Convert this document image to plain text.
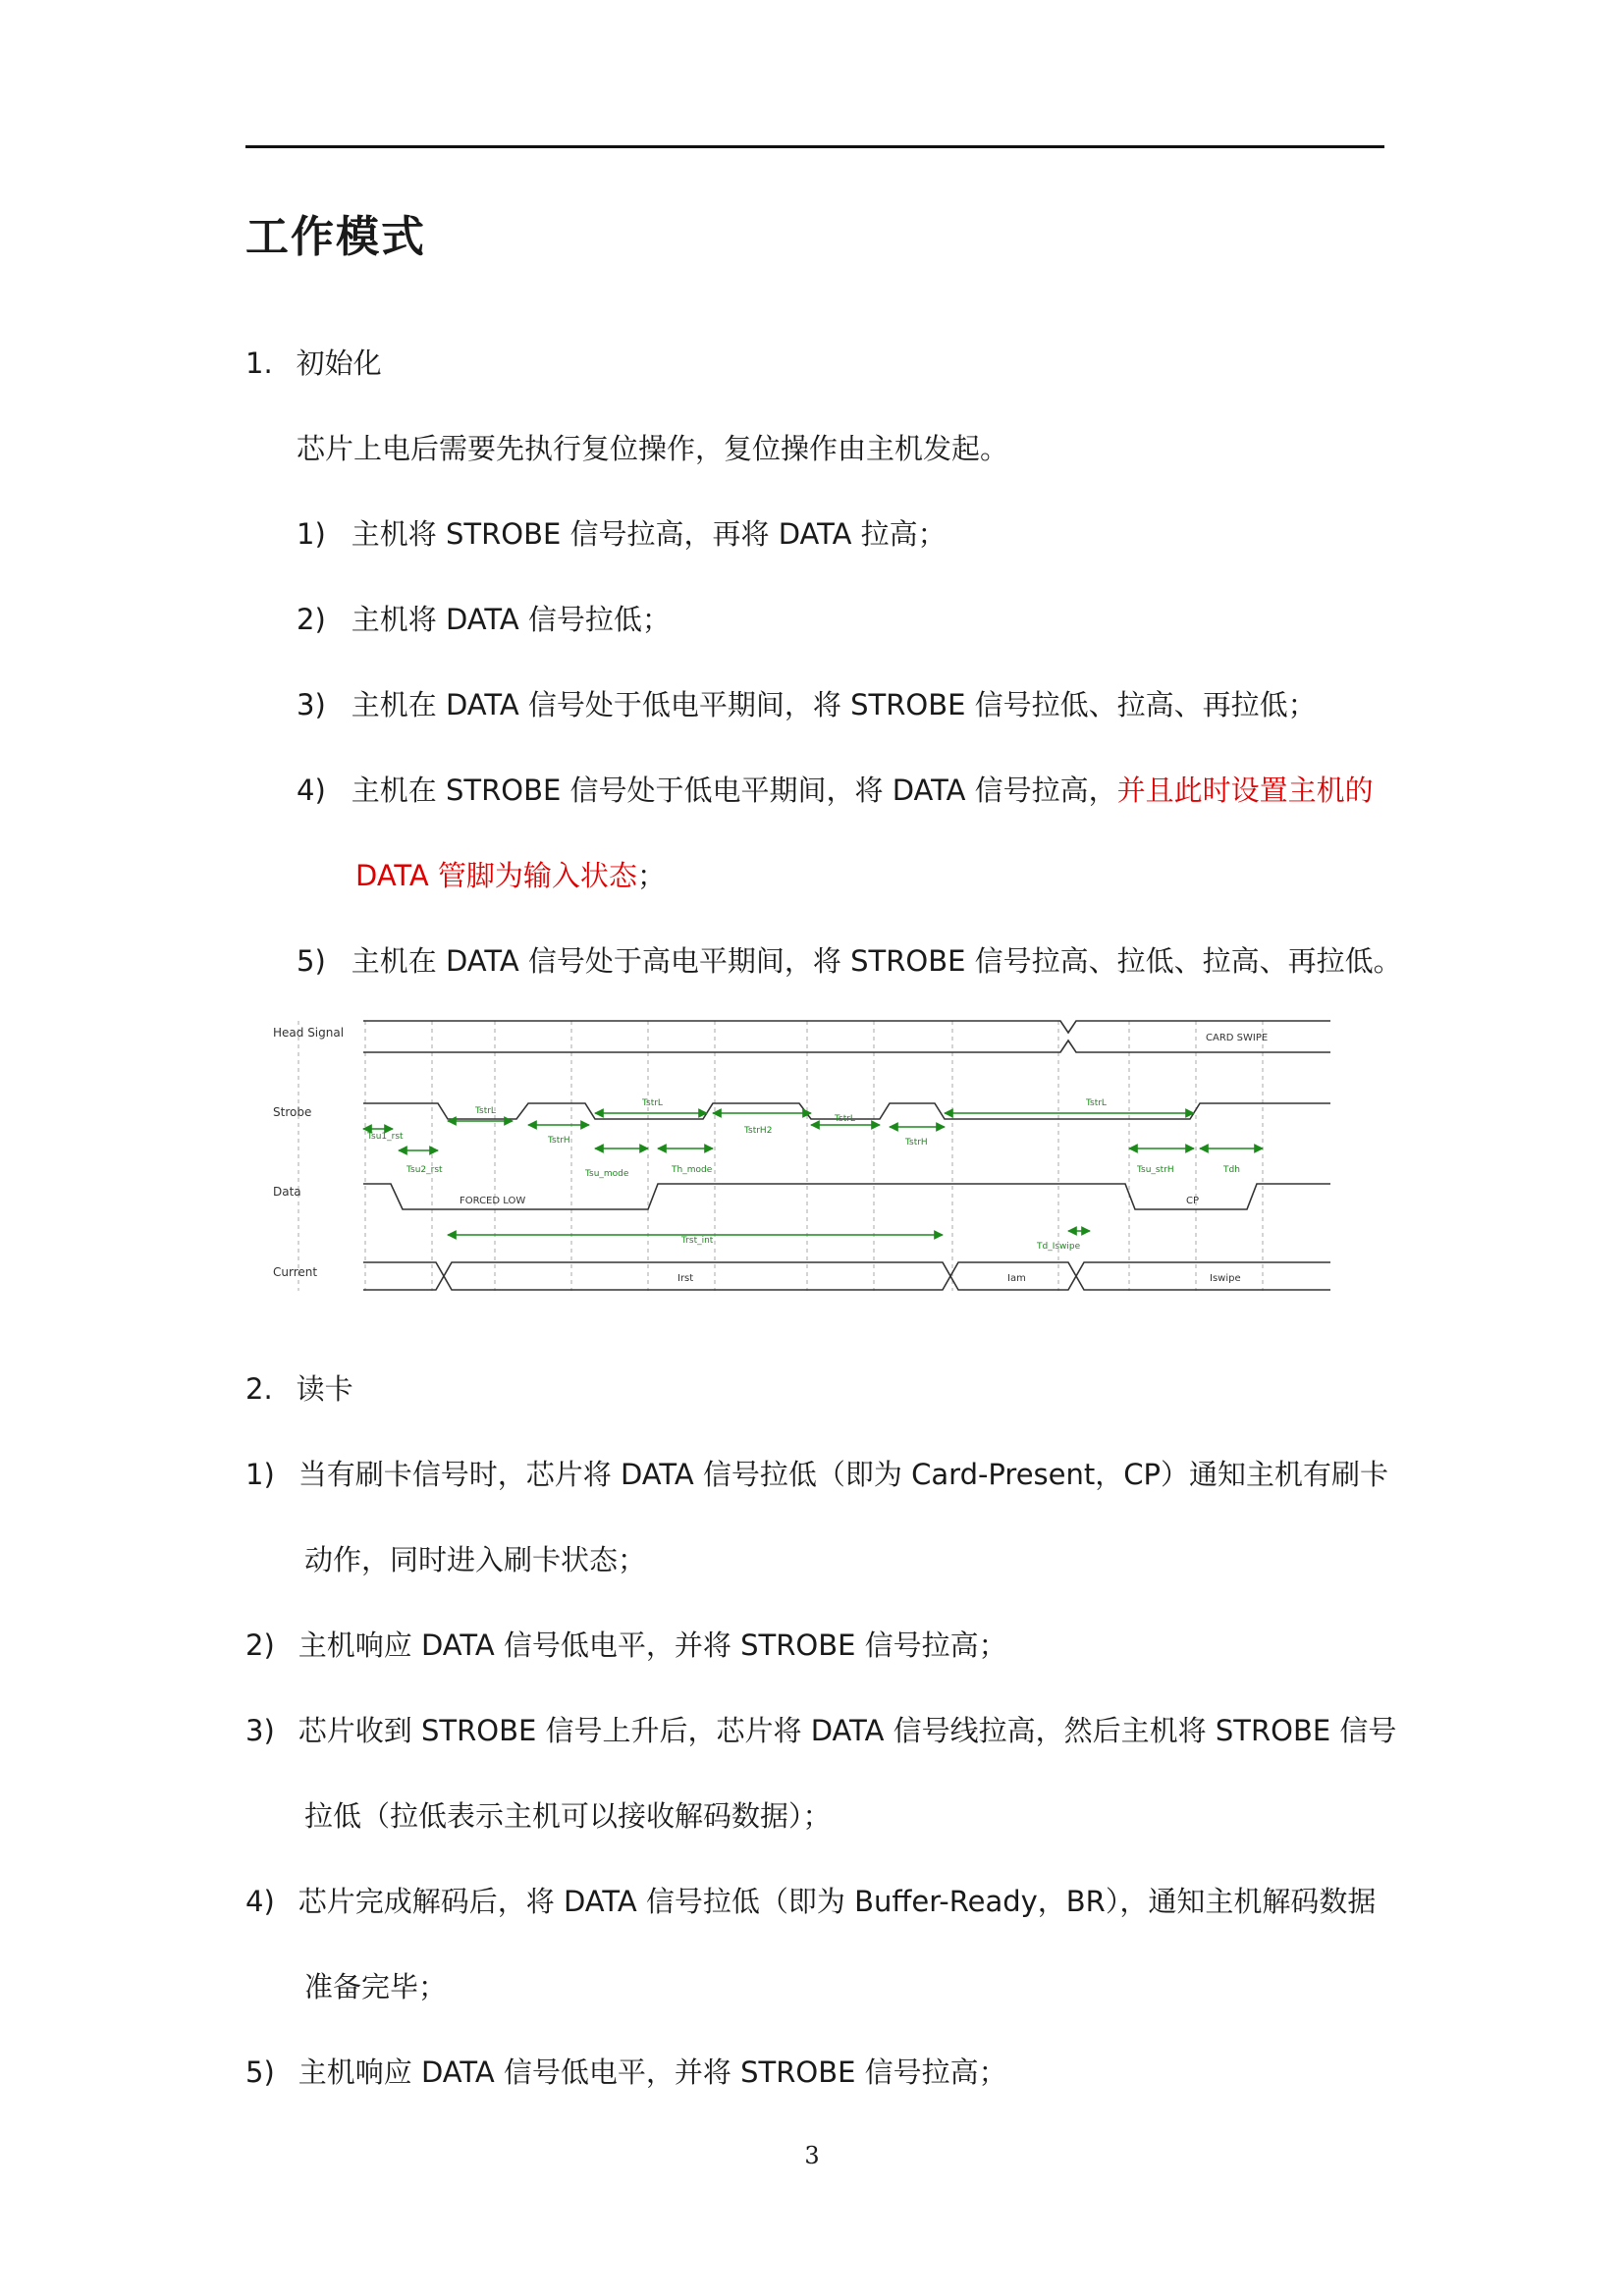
工作模式
1. 初始化
芯片上电后需要先执行复位操作，复位操作由主机发起。
1) 主机将 STROBE 信号拉高，再将 DATA 拉高；
2) 主机将 DATA 信号拉低；
3) 主机在 DATA 信号处于低电平期间，将 STROBE 信号拉低、拉高、再拉低；
4) 主机在 STROBE 信号处于低电平期间，将 DATA 信号拉高，并且此时设置主机的
DATA 管脚为输入状态；
5) 主机在 DATA 信号处于高电平期间，将 STROBE 信号拉高、拉低、拉高、再拉低。
Head Signal
Strobe
Data
Current
CARD SWIPE
FORCED LOW	CP
Irst	Iam	Iswipe
Tsu1_rst
Tsu2_rst
TstrL
TstrH
TstrL
Tsu_mode	Th_mode
TstrH2
TstrL
TstrH
TstrL
Tsu_strH	Tdh
Trst_int
Td_Iswipe
2. 读卡
1) 当有刷卡信号时，芯片将 DATA 信号拉低（即为 Card-Present，CP）通知主机有刷卡
动作，同时进入刷卡状态；
2) 主机响应 DATA 信号低电平，并将 STROBE 信号拉高；
3) 芯片收到 STROBE 信号上升后，芯片将 DATA 信号线拉高，然后主机将 STROBE 信号
拉低（拉低表示主机可以接收解码数据）；
4) 芯片完成解码后，将 DATA 信号拉低（即为 Buffer-Ready，BR），通知主机解码数据
准备完毕；
5) 主机响应 DATA 信号低电平，并将 STROBE 信号拉高；
3
